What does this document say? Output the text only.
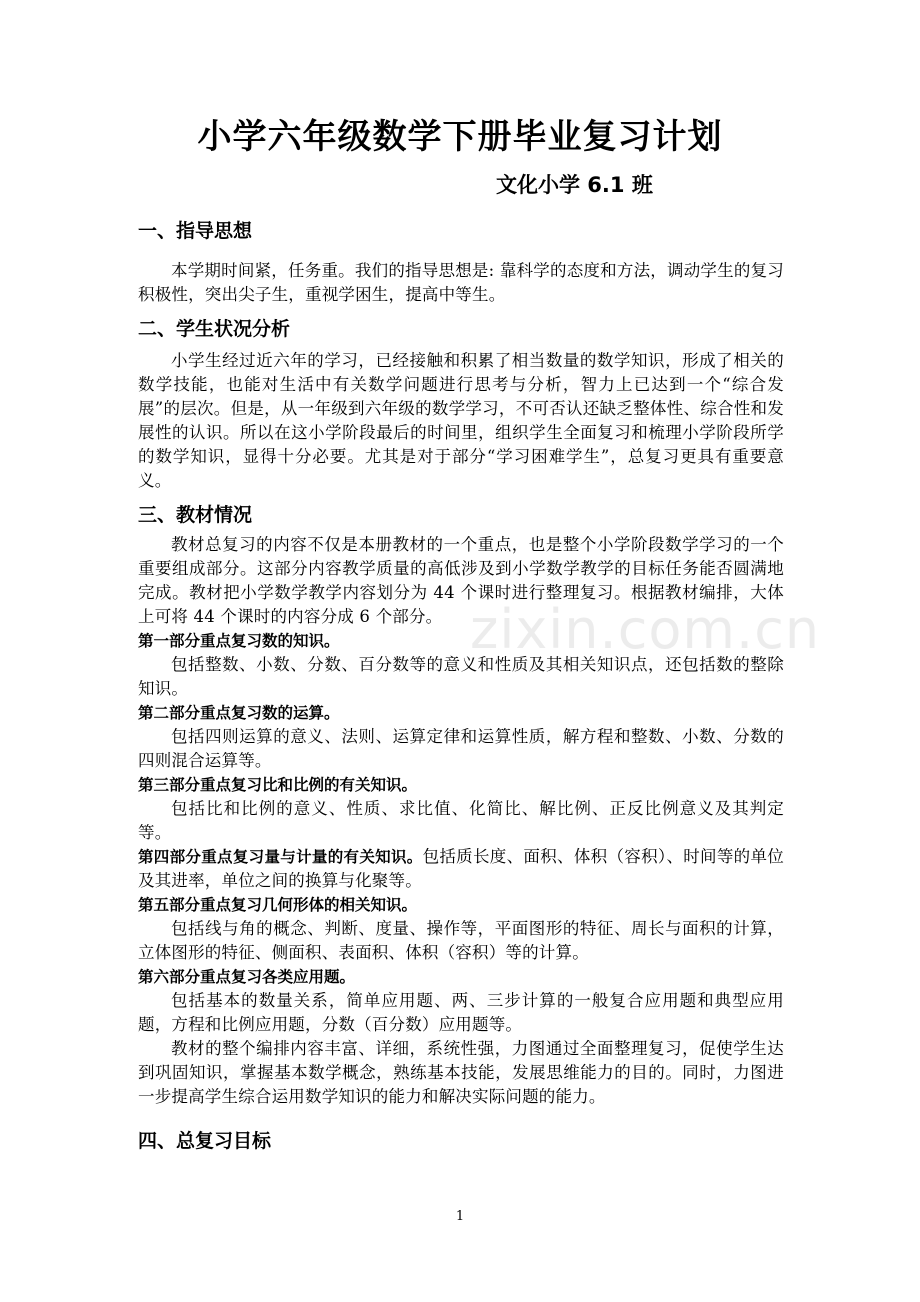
小学六年级数学下册毕业复习计划
文化小学 6.1 班
一、指导思想

本学期时间紧，任务重。我们的指导思想是: 靠科学的态度和方法，调动学生的复习积极性，突出尖子生，重视学困生，提高中等生。

二、学生状况分析

小学生经过近六年的学习，已经接触和积累了相当数量的数学知识，形成了相关的数学技能，也能对生活中有关数学问题进行思考与分析，智力上已达到一个“综合发展”的层次。但是，从一年级到六年级的数学学习，不可否认还缺乏整体性、综合性和发展性的认识。所以在这小学阶段最后的时间里，组织学生全面复习和梳理小学阶段所学的数学知识，显得十分必要。尤其是对于部分“学习困难学生”，总复习更具有重要意义。

三、教材情况

教材总复习的内容不仅是本册教材的一个重点，也是整个小学阶段数学学习的一个重要组成部分。这部分内容教学质量的高低涉及到小学数学教学的目标任务能否圆满地完成。教材把小学数学教学内容划分为 44 个课时进行整理复习。根据教材编排，大体上可将 44 个课时的内容分成 6 个部分。

第一部分重点复习数的知识。

包括整数、小数、分数、百分数等的意义和性质及其相关知识点，还包括数的整除知识。

第二部分重点复习数的运算。

包括四则运算的意义、法则、运算定律和运算性质，解方程和整数、小数、分数的四则混合运算等。

第三部分重点复习比和比例的有关知识。

包括比和比例的意义、性质、求比值、化简比、解比例、正反比例意义及其判定等。

第四部分重点复习量与计量的有关知识。包括质长度、面积、体积（容积）、时间等的单位及其进率，单位之间的换算与化聚等。

第五部分重点复习几何形体的相关知识。

包括线与角的概念、判断、度量、操作等，平面图形的特征、周长与面积的计算，立体图形的特征、侧面积、表面积、体积（容积）等的计算。

第六部分重点复习各类应用题。

包括基本的数量关系，简单应用题、两、三步计算的一般复合应用题和典型应用题，方程和比例应用题，分数（百分数）应用题等。

教材的整个编排内容丰富、详细，系统性强，力图通过全面整理复习，促使学生达到巩固知识，掌握基本数学概念，熟练基本技能，发展思维能力的目的。同时，力图进一步提高学生综合运用数学知识的能力和解决实际问题的能力。

四、总复习目标
zixin.com.cn
1
